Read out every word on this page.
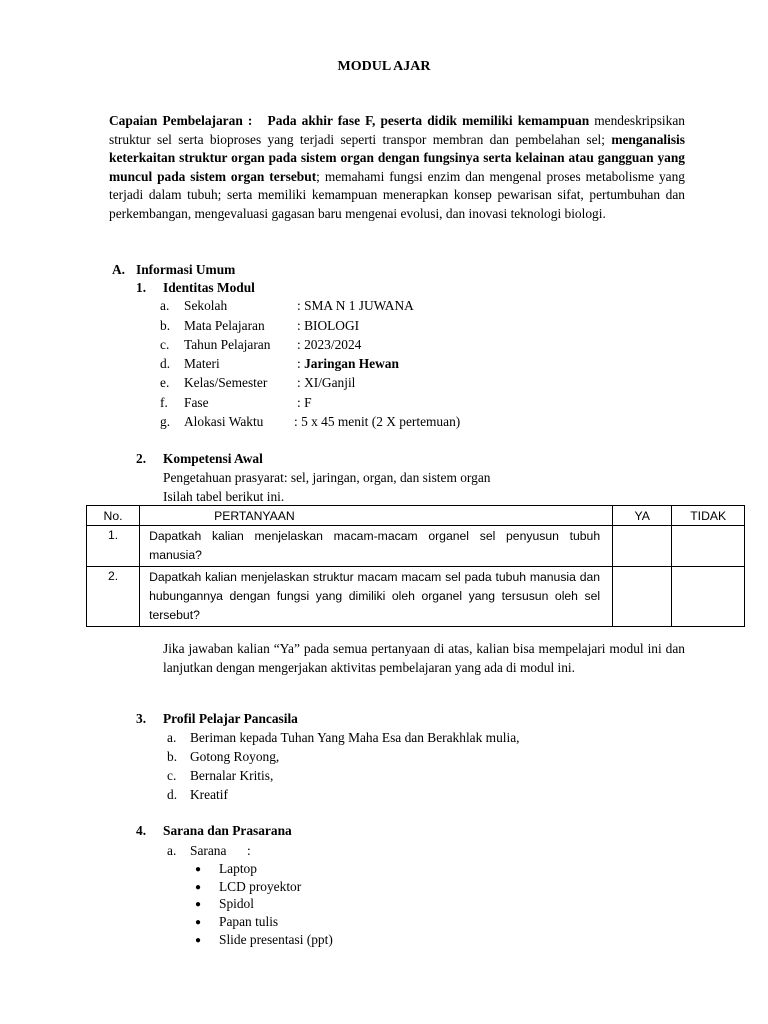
MODUL AJAR
Capaian Pembelajaran : Pada akhir fase F, peserta didik memiliki kemampuan mendeskripsikan struktur sel serta bioproses yang terjadi seperti transpor membran dan pembelahan sel; menganalisis keterkaitan struktur organ pada sistem organ dengan fungsinya serta kelainan atau gangguan yang muncul pada sistem organ tersebut; memahami fungsi enzim dan mengenal proses metabolisme yang terjadi dalam tubuh; serta memiliki kemampuan menerapkan konsep pewarisan sifat, pertumbuhan dan perkembangan, mengevaluasi gagasan baru mengenai evolusi, dan inovasi teknologi biologi.
A. Informasi Umum
1. Identitas Modul
a. Sekolah	: SMA N 1 JUWANA
b. Mata Pelajaran : BIOLOGI
c. Tahun Pelajaran : 2023/2024
d. Materi	: Jaringan Hewan
e. Kelas/Semester : XI/Ganjil
f. Fase	: F
g. Alokasi Waktu : 5 x 45 menit (2 X pertemuan)
2. Kompetensi Awal
Pengetahuan prasyarat: sel, jaringan, organ, dan sistem organ
Isilah tabel berikut ini.
No.	PERTANYAAN	YA	TIDAK
1.	Dapatkah kalian menjelaskan macam-macam organel sel penyusun tubuh manusia?		

2.	Dapatkah kalian menjelaskan struktur macam macam sel pada tubuh manusia dan hubungannya dengan fungsi yang dimiliki oleh organel yang tersusun oleh sel tersebut?		

Jika jawaban kalian “Ya” pada semua pertanyaan di atas, kalian bisa mempelajari modul ini dan lanjutkan dengan mengerjakan aktivitas pembelajaran yang ada di modul ini.
3. Profil Pelajar Pancasila
a. Beriman kepada Tuhan Yang Maha Esa dan Berakhlak mulia,
b. Gotong Royong,
c. Bernalar Kritis,
d. Kreatif
4. Sarana dan Prasarana
a. Sarana :
● Laptop
● LCD proyektor
● Spidol
● Papan tulis
● Slide presentasi (ppt)
